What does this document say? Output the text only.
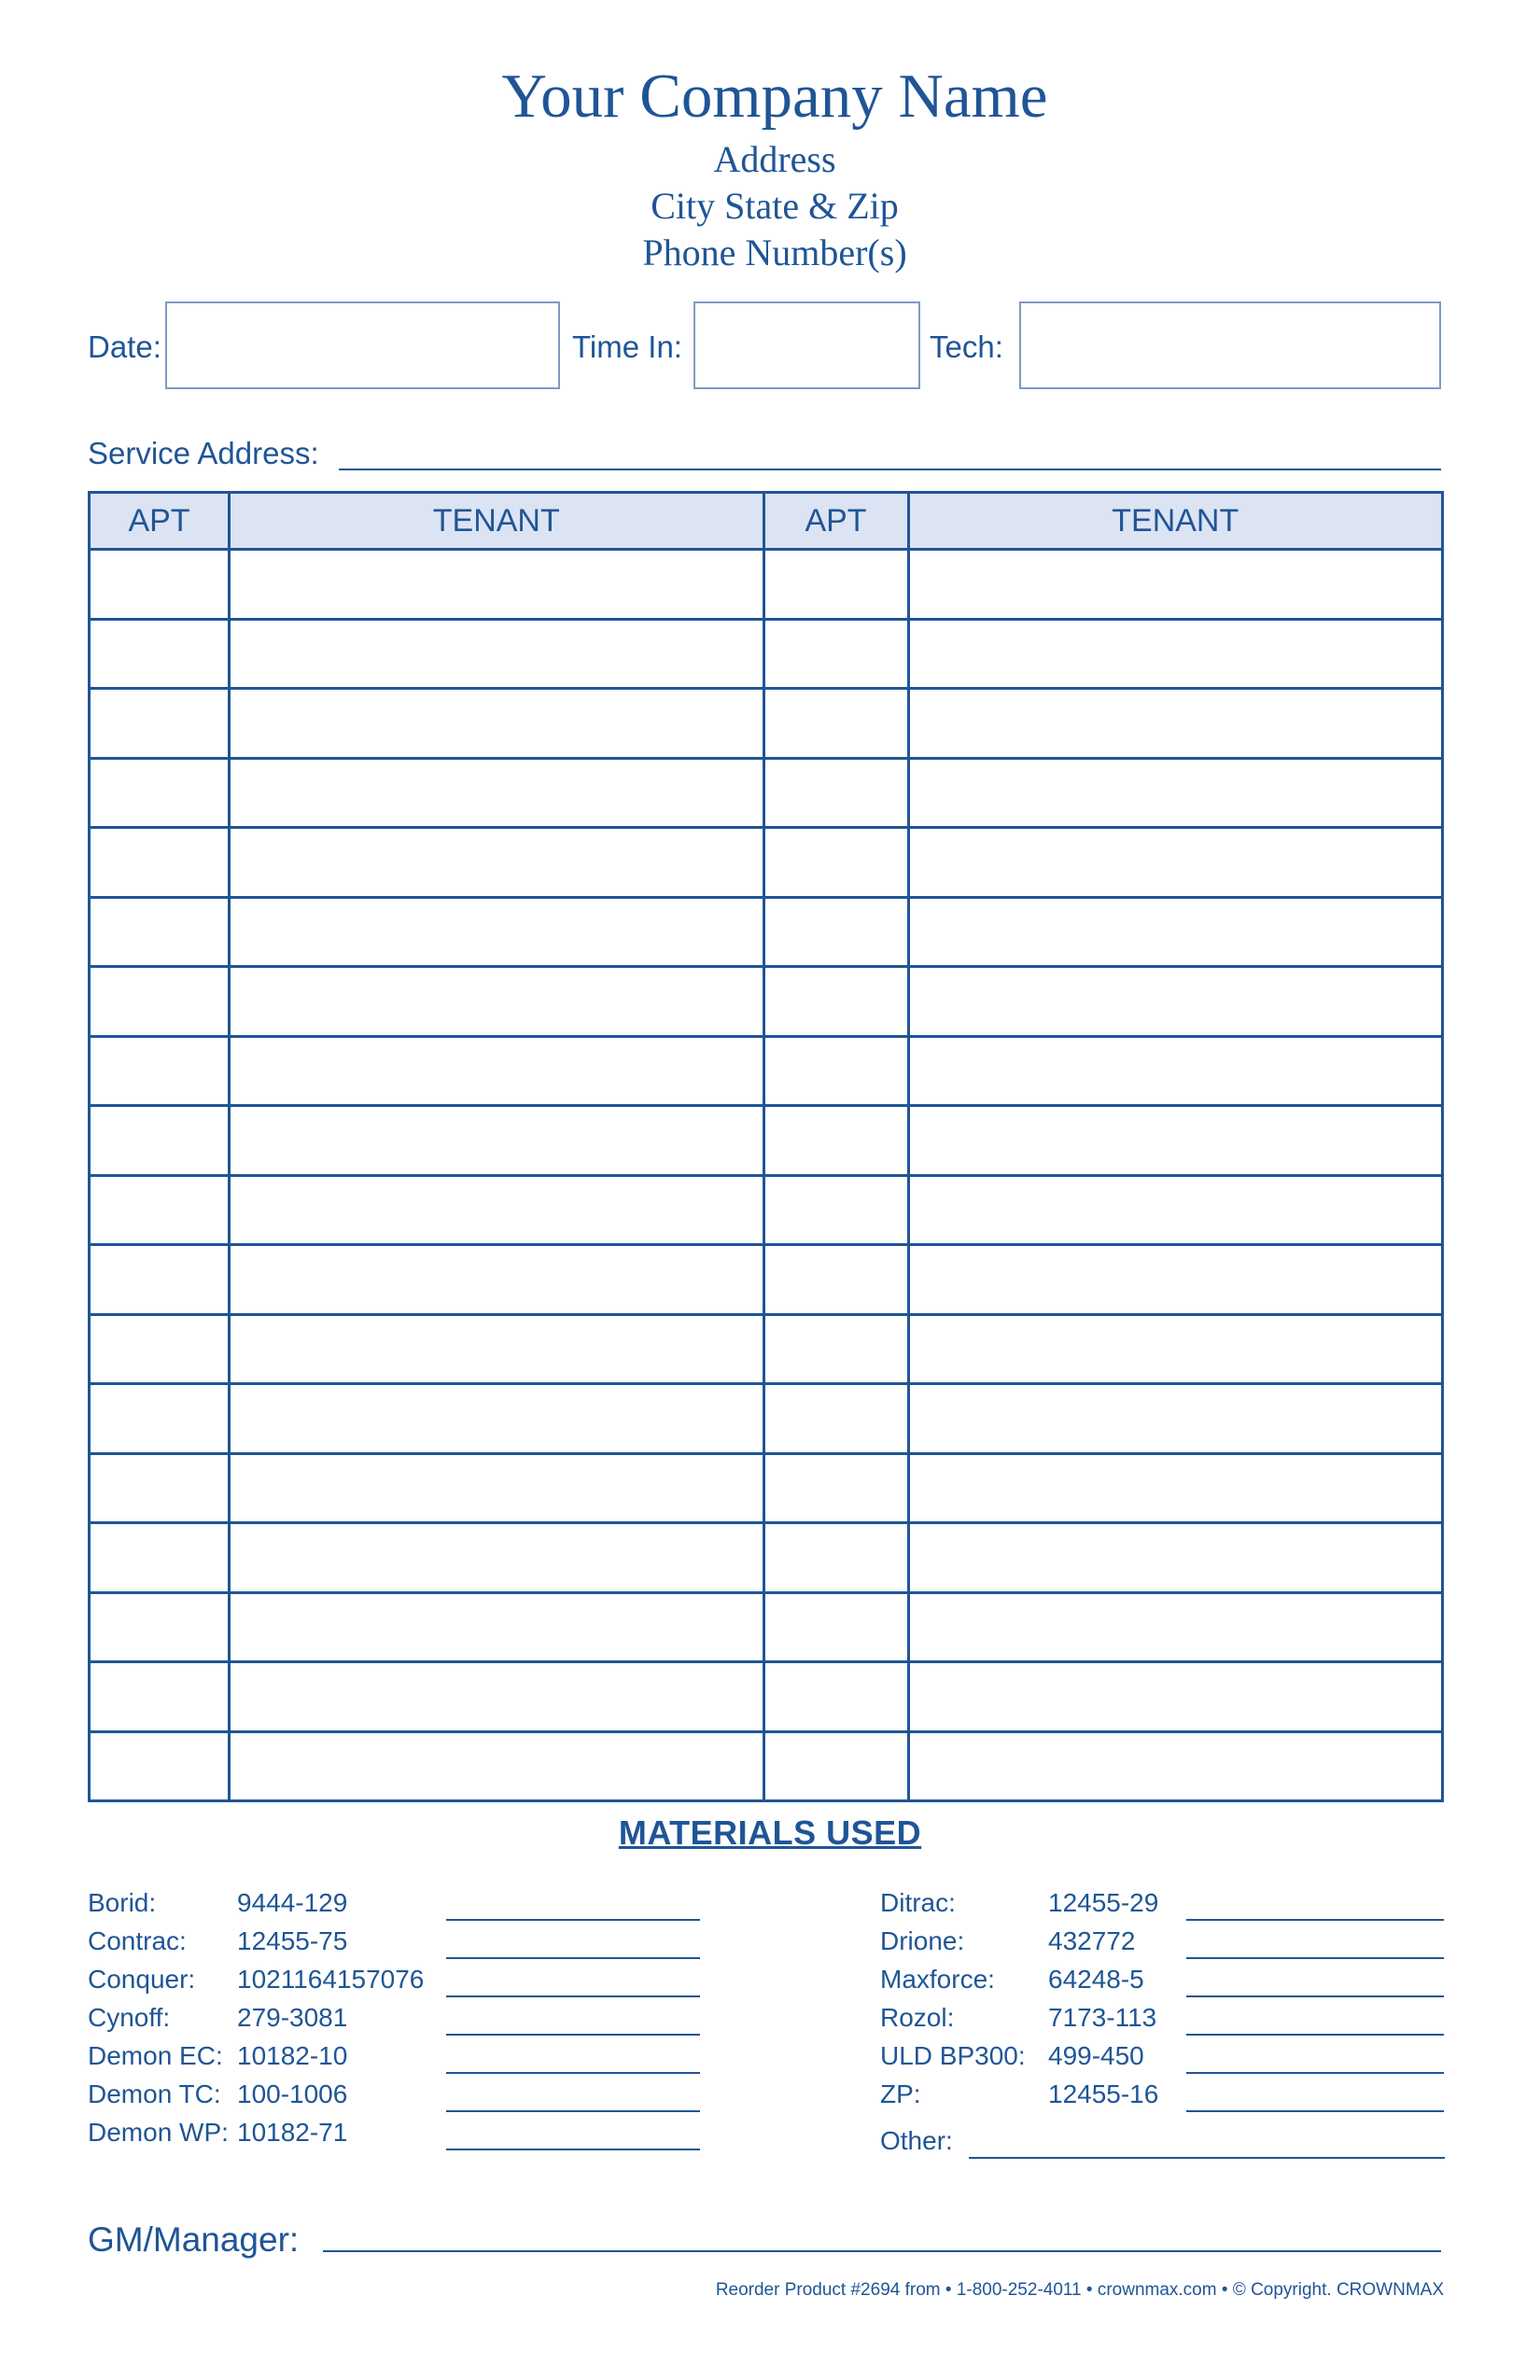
Your Company Name
Address
City State & Zip
Phone Number(s)
Date:	Time In:	Tech:
Service Address:
APT	TENANT	APT	TENANT

MATERIALS USED
Borid:	9444-129
Contrac: 12455-75
Conquer: 1021164157076
Cynoff:	279-3081
Demon EC: 10182-10
Demon TC: 100-1006
Demon WP: 10182-71
Ditrac:	12455-29
Drione:	432772
Maxforce: 64248-5
Rozol:	7173-113
ULD BP300: 499-450
ZP:	12455-16
Other:
GM/Manager:
Reorder Product #2694 from • 1-800-252-4011 • crownmax.com • © Copyright. CROWNMAX
